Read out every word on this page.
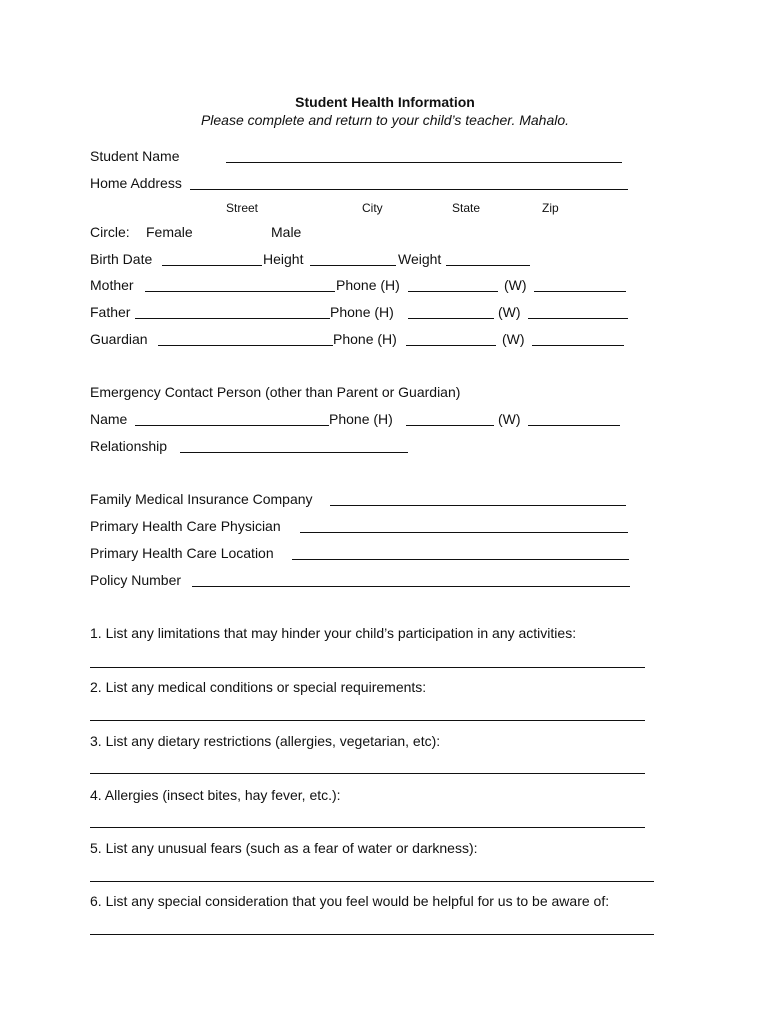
Student Health Information
Please complete and return to your child’s teacher. Mahalo.
Student Name
Home Address
Street	City	State	Zip
Circle: Female	Male
Birth Date	Height	Weight
Mother	Phone (H)	(W)
Father	Phone (H)	(W)
Guardian	Phone (H)	(W)
Emergency Contact Person (other than Parent or Guardian)
Name	Phone (H)	(W)
Relationship
Family Medical Insurance Company
Primary Health Care Physician
Primary Health Care Location
Policy Number
1. List any limitations that may hinder your child’s participation in any activities:
2. List any medical conditions or special requirements:
3. List any dietary restrictions (allergies, vegetarian, etc):
4. Allergies (insect bites, hay fever, etc.):
5. List any unusual fears (such as a fear of water or darkness):
6. List any special consideration that you feel would be helpful for us to be aware of:
